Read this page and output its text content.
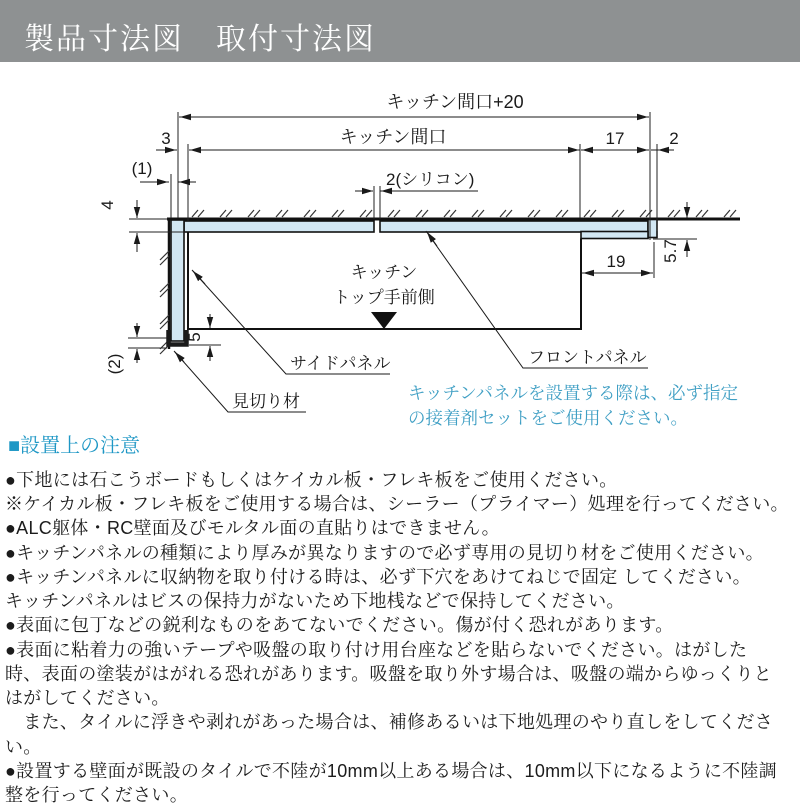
製品寸法図　取付寸法図
キッチン間口+20
キッチン間口
3
(1)
17	2
2(シリコン)
19
4
5.7
5
(2)
キッチン
トップ手前側
サイドパネル	フロントパネル
見切り材	キッチンパネルを設置する際は、必ず指定
の接着剤セットをご使用ください。
■設置上の注意
●下地には石こうボードもしくはケイカル板・フレキ板をご使用ください。
※ケイカル板・フレキ板をご使用する場合は、シーラー（プライマー）処理を行ってください。
●ALC躯体・RC壁面及びモルタル面の直貼りはできません。
●キッチンパネルの種類により厚みが異なりますので必ず専用の見切り材をご使用ください。
●キッチンパネルに収納物を取り付ける時は、必ず下穴をあけてねじで固定 してください。
キッチンパネルはビスの保持力がないため下地桟などで保持してください。
●表面に包丁などの鋭利なものをあてないでください。傷が付く恐れがあります。
●表面に粘着力の強いテープや吸盤の取り付け用台座などを貼らないでください。はがした
時、表面の塗装がはがれる恐れがあります。吸盤を取り外す場合は、吸盤の端からゆっくりと
はがしてください。
　また、タイルに浮きや剥れがあった場合は、補修あるいは下地処理のやり直しをしてくださ
い。
●設置する壁面が既設のタイルで不陸が10mm以上ある場合は、10mm以下になるように不陸調
整を行ってください。
